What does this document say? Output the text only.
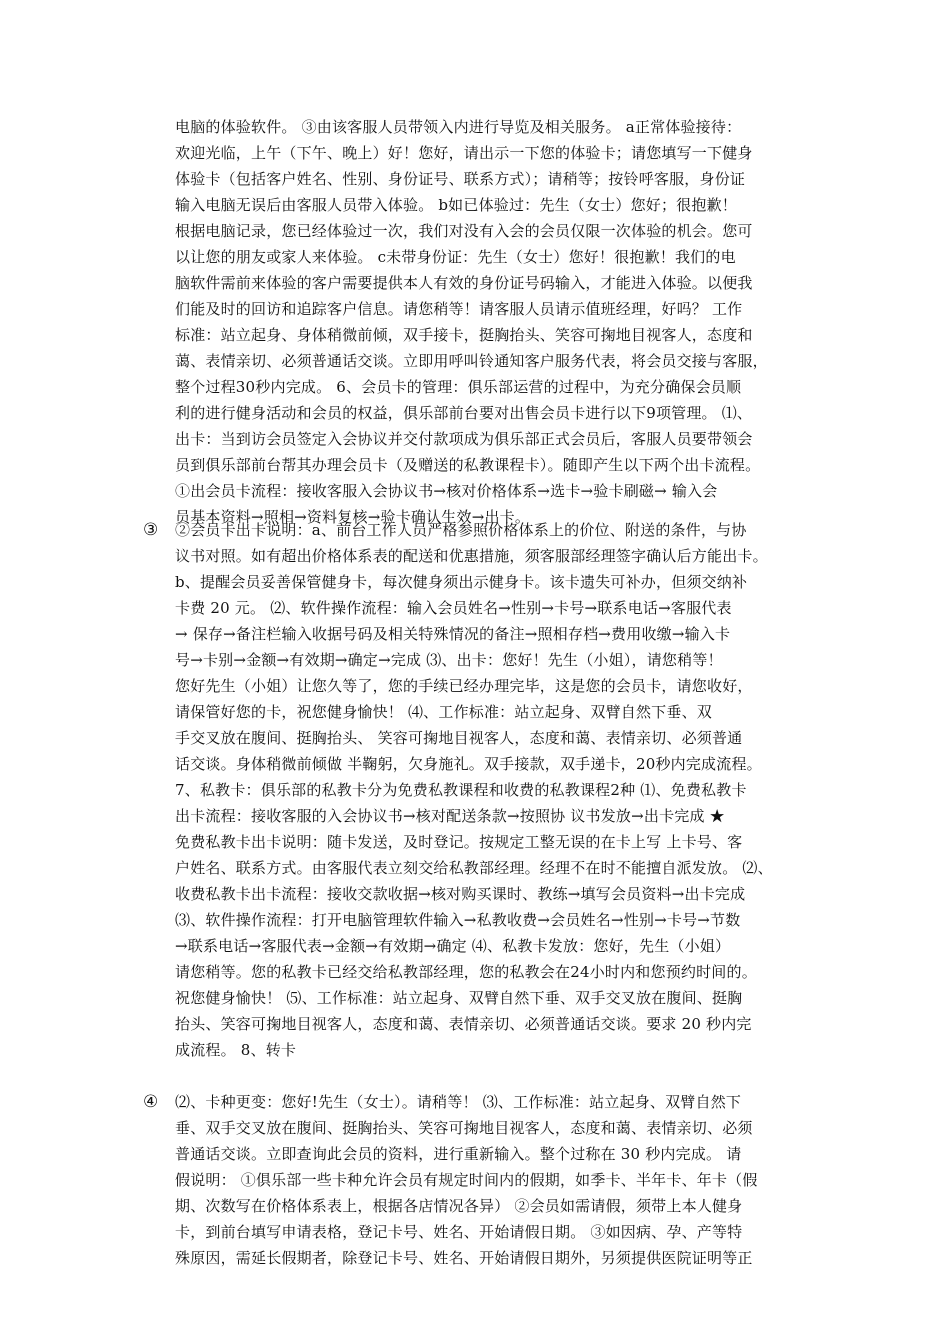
电脑的体验软件。 ③由该客服人员带领入内进行导览及相关服务。 a正常体验接待：
欢迎光临，上午（下午、晚上）好！您好，请出示一下您的体验卡；请您填写一下健身
体验卡（包括客户姓名、性别、身份证号、联系方式）；请稍等；按铃呼客服，身份证
输入电脑无误后由客服人员带入体验。 b如已体验过：先生（女士）您好；很抱歉！
根据电脑记录，您已经体验过一次，我们对没有入会的会员仅限一次体验的机会。您可
以让您的朋友或家人来体验。 c未带身份证：先生（女士）您好！很抱歉！我们的电
脑软件需前来体验的客户需要提供本人有效的身份证号码输入，才能进入体验。以便我
们能及时的回访和追踪客户信息。请您稍等！请客服人员请示值班经理，好吗？ 工作
标准：站立起身、身体稍微前倾，双手接卡，挺胸抬头、笑容可掬地目视客人，态度和
蔼、表情亲切、必须普通话交谈。立即用呼叫铃通知客户服务代表，将会员交接与客服，
整个过程30秒内完成。 6、会员卡的管理：俱乐部运营的过程中，为充分确保会员顺
利的进行健身活动和会员的权益，俱乐部前台要对出售会员卡进行以下9项管理。 ⑴、
出卡：当到访会员签定入会协议并交付款项成为俱乐部正式会员后，客服人员要带领会
员到俱乐部前台帮其办理会员卡（及赠送的私教课程卡）。随即产生以下两个出卡流程。
①出会员卡流程：接收客服入会协议书→核对价格体系→选卡→验卡刷磁→ 输入会
员基本资料→照相→资料复核→验卡确认生效→出卡。
③ ②会员卡出卡说明：a、前台工作人员严格参照价格体系上的价位、附送的条件，与协
议书对照。如有超出价格体系表的配送和优惠措施，须客服部经理签字确认后方能出卡。
b、提醒会员妥善保管健身卡，每次健身须出示健身卡。该卡遗失可补办，但须交纳补
卡费 20 元。 ⑵、软件操作流程：输入会员姓名→性别→卡号→联系电话→客服代表
→ 保存→备注栏输入收据号码及相关特殊情况的备注→照相存档→费用收缴→输入卡
号→卡别→金额→有效期→确定→完成 ⑶、出卡：您好！先生（小姐），请您稍等！
您好先生（小姐）让您久等了，您的手续已经办理完毕，这是您的会员卡，请您收好，
请保管好您的卡，祝您健身愉快！ ⑷、工作标准：站立起身、双臂自然下垂、双
手交叉放在腹间、挺胸抬头、 笑容可掬地目视客人，态度和蔼、表情亲切、必须普通
话交谈。身体稍微前倾做 半鞠躬，欠身施礼。双手接款，双手递卡，20秒内完成流程。
7、私教卡：俱乐部的私教卡分为免费私教课程和收费的私教课程2种 ⑴、免费私教卡
出卡流程：接收客服的入会协议书→核对配送条款→按照协 议书发放→出卡完成 ★
免费私教卡出卡说明：随卡发送，及时登记。按规定工整无误的在卡上写 上卡号、客
户姓名、联系方式。由客服代表立刻交给私教部经理。经理不在时不能擅自派发放。 ⑵、
收费私教卡出卡流程：接收交款收据→核对购买课时、教练→填写会员资料→出卡完成
⑶、软件操作流程：打开电脑管理软件输入→私教收费→会员姓名→性别→卡号→节数
→联系电话→客服代表→金额→有效期→确定 ⑷、私教卡发放：您好，先生（小姐）
请您稍等。您的私教卡已经交给私教部经理，您的私教会在24小时内和您预约时间的。
祝您健身愉快！ ⑸、工作标准：站立起身、双臂自然下垂、双手交叉放在腹间、挺胸
抬头、笑容可掬地目视客人，态度和蔼、表情亲切、必须普通话交谈。要求 20 秒内完
成流程。 8、转卡
④ ⑵、卡种更变：您好!先生（女士）。请稍等！ ⑶、工作标准：站立起身、双臂自然下
垂、双手交叉放在腹间、挺胸抬头、笑容可掬地目视客人，态度和蔼、表情亲切、必须
普通话交谈。立即查询此会员的资料，进行重新输入。整个过称在 30 秒内完成。 请
假说明： ①俱乐部一些卡种允许会员有规定时间内的假期，如季卡、半年卡、年卡（假
期、次数写在价格体系表上，根据各店情况各异） ②会员如需请假，须带上本人健身
卡，到前台填写申请表格，登记卡号、姓名、开始请假日期。 ③如因病、孕、产等特
殊原因，需延长假期者，除登记卡号、姓名、开始请假日期外，另须提供医院证明等正
